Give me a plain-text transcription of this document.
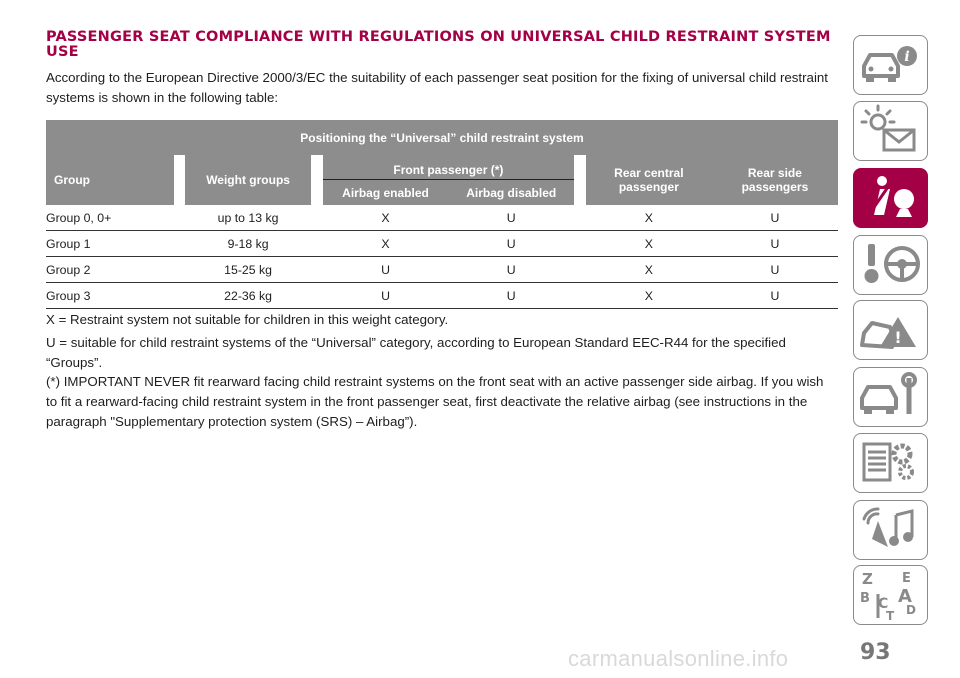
PASSENGER SEAT COMPLIANCE WITH REGULATIONS ON UNIVERSAL CHILD RESTRAINT SYSTEM USE

According to the European Directive 2000/3/EC the suitability of each passenger seat position for the fixing of universal child restraint systems is shown in the following table:

Positioning the “Universal” child restraint system								
Group		Weight groups		Front passenger (*)			Rear central passenger	Rear side passengers
				Airbag enabled	Airbag disabled			
Group 0, 0+		up to 13 kg		X	U		X	U
Group 1		9-18 kg		X	U		X	U
Group 2		15-25 kg		U	U		X	U
Group 3		22-36 kg		U	U		X	U

X = Restraint system not suitable for children in this weight category.

U = suitable for child restraint systems of the “Universal” category, according to European Standard EEC-R44 for the specified “Groups”.

(*) IMPORTANT NEVER fit rearward facing child restraint systems on the front seat with an active passenger side airbag. If you wish to fit a rearward-facing child restraint system in the front passenger seat, first deactivate the relative airbag (see instructions in the paragraph "Supplementary protection system (SRS) – Airbag”).

i
!
Z E
B A
C D
T
93
carmanualsonline.info
